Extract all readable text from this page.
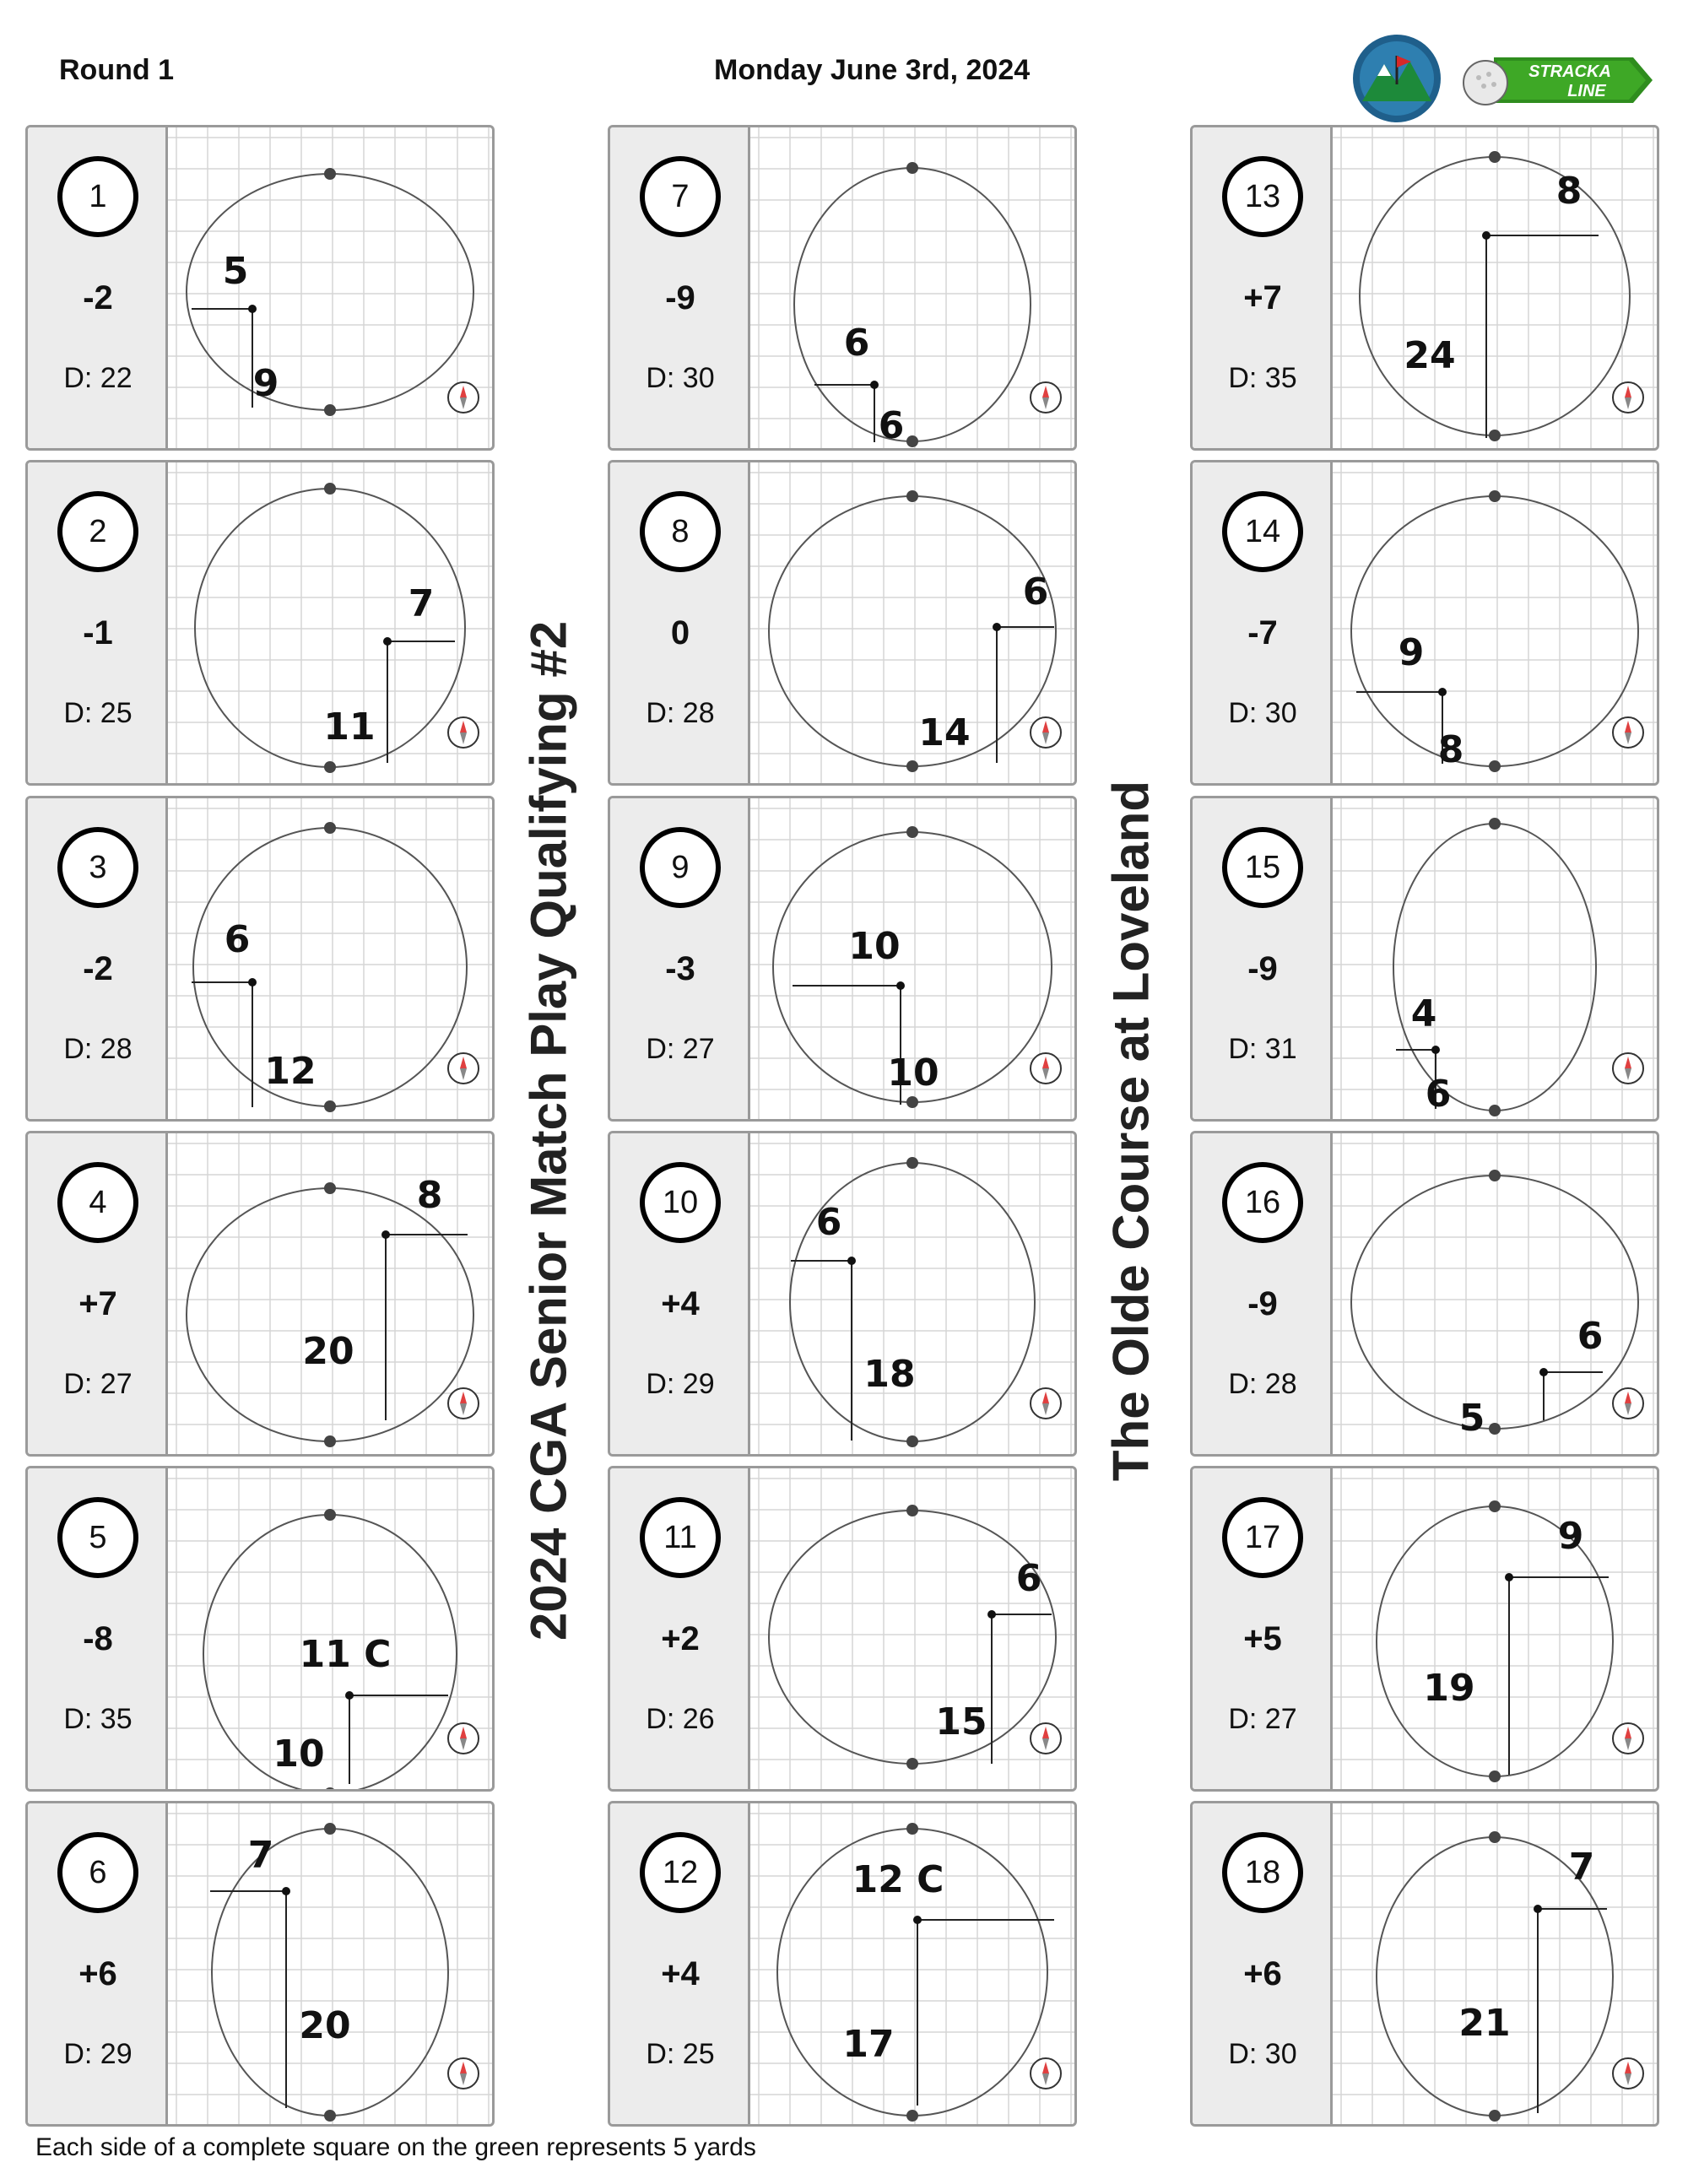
Round 1	Monday June 3rd, 2024	STRACKA
LINE
2024 CGA Senior Match Play Qualifying #2	The Olde Course at Loveland
1
-2
D: 22
5
9
2
-1
D: 25
7
11
3
-2
D: 28
6
12
4
+7
D: 27
8
20
5
-8
D: 35
11 C
10
6
+6
D: 29
7
20
7
-9
D: 30
6
6
8
0
D: 28
6
14
9
-3
D: 27
10
10
10
+4
D: 29
6
18
11
+2
D: 26
6
15
12
+4
D: 25
12 C
17
13
+7
D: 35
8
24
14
-7
D: 30
9
8
15
-9
D: 31
4
6
16
-9
D: 28
6
5
17
+5
D: 27
9
19
18
+6
D: 30
7
21
Each side of a complete square on the green represents 5 yards
